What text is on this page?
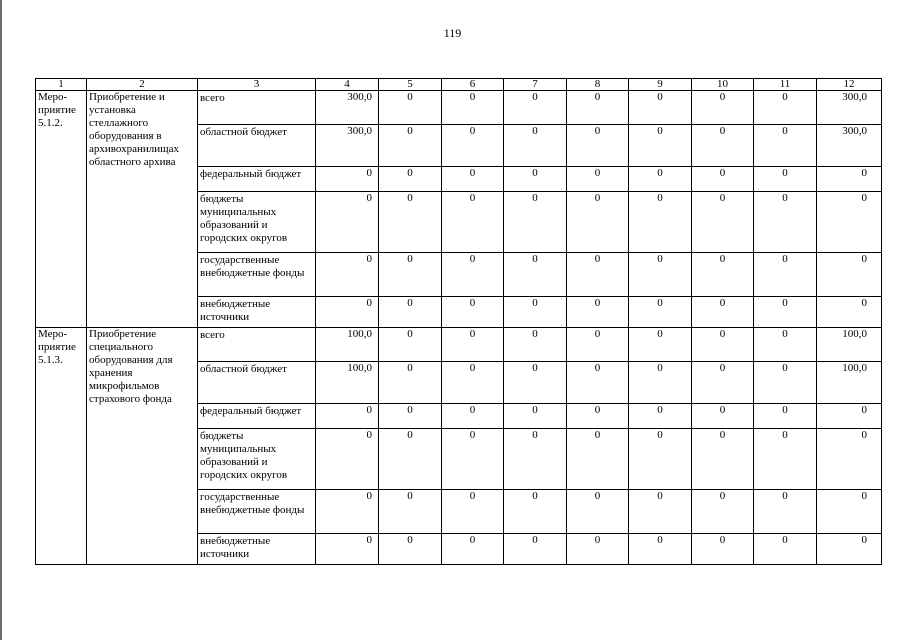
119
1	2	3	4	5	6	7	8	9	10	11	12

Меро-
приятие
5.1.2.	Приобретение и установка стеллажного оборудования в архивохранилищах областного архива	всего	300,0	0	0	0	0	0	0	0	300,0

		областной бюджет	300,0	0	0	0	0	0	0	0	300,0

		федеральный бюджет	0	0	0	0	0	0	0	0	0

		бюджеты муниципальных образований и городских округов	0	0	0	0	0	0	0	0	0

		государственные внебюджетные фонды	0	0	0	0	0	0	0	0	0

		внебюджетные источники	0	0	0	0	0	0	0	0	0

Меро-
приятие
5.1.3.	Приобретение специального оборудования для хранения микрофильмов страхового фонда	всего	100,0	0	0	0	0	0	0	0	100,0

		областной бюджет	100,0	0	0	0	0	0	0	0	100,0

		федеральный бюджет	0	0	0	0	0	0	0	0	0

		бюджеты муниципальных образований и городских округов	0	0	0	0	0	0	0	0	0

		государственные внебюджетные фонды	0	0	0	0	0	0	0	0	0

		внебюджетные источники	0	0	0	0	0	0	0	0	0
